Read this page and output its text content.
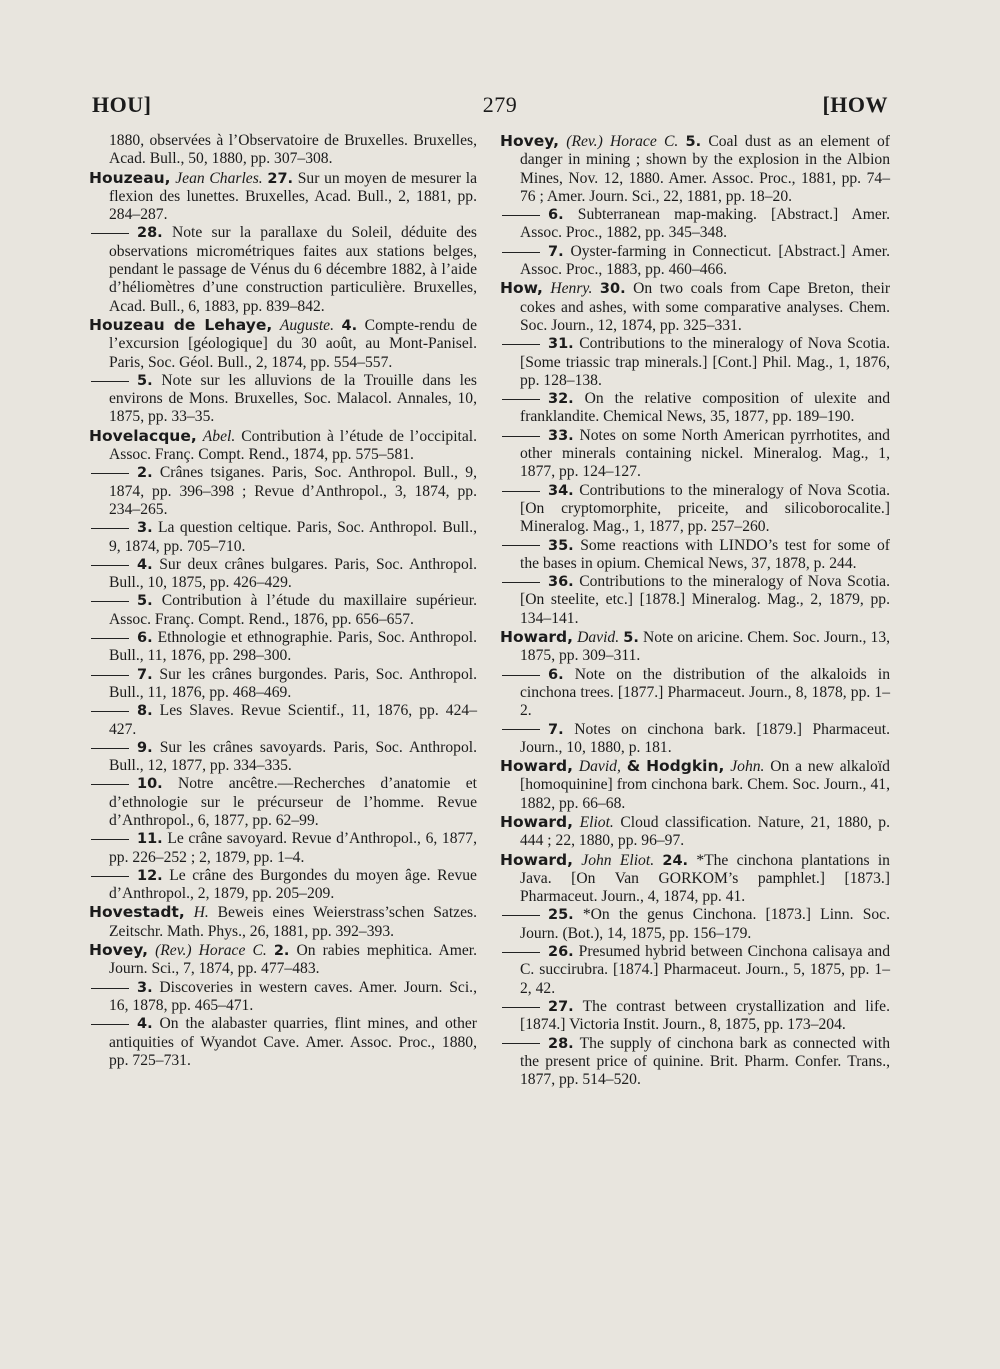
HOU]	279	[HOW

1880, observées à l’Observatoire de Bruxelles. Bruxelles, Acad. Bull., 50, 1880, pp. 307–308.

Houzeau, Jean Charles. 27. Sur un moyen de mesurer la flexion des lunettes. Bruxelles, Acad. Bull., 2, 1881, pp. 284–287.

28. Note sur la parallaxe du Soleil, déduite des observations micrométriques faites aux stations belges, pendant le passage de Vénus du 6 décembre 1882, à l’aide d’héliomètres d’une construction particulière. Bruxelles, Acad. Bull., 6, 1883, pp. 839–842.

Houzeau de Lehaye, Auguste. 4. Compte-rendu de l’excursion [géologique] du 30 août, au Mont-Panisel. Paris, Soc. Géol. Bull., 2, 1874, pp. 554–557.

5. Note sur les alluvions de la Trouille dans les environs de Mons. Bruxelles, Soc. Malacol. Annales, 10, 1875, pp. 33–35.

Hovelacque, Abel. Contribution à l’étude de l’occipital. Assoc. Franç. Compt. Rend., 1874, pp. 575–581.

2. Crânes tsiganes. Paris, Soc. Anthropol. Bull., 9, 1874, pp. 396–398 ; Revue d’Anthropol., 3, 1874, pp. 234–265.

3. La question celtique. Paris, Soc. Anthropol. Bull., 9, 1874, pp. 705–710.

4. Sur deux crânes bulgares. Paris, Soc. Anthropol. Bull., 10, 1875, pp. 426–429.

5. Contribution à l’étude du maxillaire supérieur. Assoc. Franç. Compt. Rend., 1876, pp. 656–657.

6. Ethnologie et ethnographie. Paris, Soc. Anthropol. Bull., 11, 1876, pp. 298–300.

7. Sur les crânes burgondes. Paris, Soc. Anthropol. Bull., 11, 1876, pp. 468–469.

8. Les Slaves. Revue Scientif., 11, 1876, pp. 424–427.

9. Sur les crânes savoyards. Paris, Soc. Anthropol. Bull., 12, 1877, pp. 334–335.

10. Notre ancêtre.—Recherches d’anatomie et d’ethnologie sur le précurseur de l’homme. Revue d’Anthropol., 6, 1877, pp. 62–99.

11. Le crâne savoyard. Revue d’Anthropol., 6, 1877, pp. 226–252 ; 2, 1879, pp. 1–4.

12. Le crâne des Burgondes du moyen âge. Revue d’Anthropol., 2, 1879, pp. 205–209.

Hovestadt, H. Beweis eines Weierstrass’schen Satzes. Zeitschr. Math. Phys., 26, 1881, pp. 392–393.

Hovey, (Rev.) Horace C. 2. On rabies mephitica. Amer. Journ. Sci., 7, 1874, pp. 477–483.

3. Discoveries in western caves. Amer. Journ. Sci., 16, 1878, pp. 465–471.

4. On the alabaster quarries, flint mines, and other antiquities of Wyandot Cave. Amer. Assoc. Proc., 1880, pp. 725–731.

Hovey, (Rev.) Horace C. 5. Coal dust as an element of danger in mining ; shown by the explosion in the Albion Mines, Nov. 12, 1880. Amer. Assoc. Proc., 1881, pp. 74–76 ; Amer. Journ. Sci., 22, 1881, pp. 18–20.

6. Subterranean map-making. [Abstract.] Amer. Assoc. Proc., 1882, pp. 345–348.

7. Oyster-farming in Connecticut. [Abstract.] Amer. Assoc. Proc., 1883, pp. 460–466.

How, Henry. 30. On two coals from Cape Breton, their cokes and ashes, with some comparative analyses. Chem. Soc. Journ., 12, 1874, pp. 325–331.

31. Contributions to the mineralogy of Nova Scotia. [Some triassic trap minerals.] [Cont.] Phil. Mag., 1, 1876, pp. 128–138.

32. On the relative composition of ulexite and franklandite. Chemical News, 35, 1877, pp. 189–190.

33. Notes on some North American pyrrhotites, and other minerals containing nickel. Mineralog. Mag., 1, 1877, pp. 124–127.

34. Contributions to the mineralogy of Nova Scotia. [On cryptomorphite, priceite, and silicoborocalite.] Mineralog. Mag., 1, 1877, pp. 257–260.

35. Some reactions with LINDO’s test for some of the bases in opium. Chemical News, 37, 1878, p. 244.

36. Contributions to the mineralogy of Nova Scotia. [On steelite, etc.] [1878.] Mineralog. Mag., 2, 1879, pp. 134–141.

Howard, David. 5. Note on aricine. Chem. Soc. Journ., 13, 1875, pp. 309–311.

6. Note on the distribution of the alkaloids in cinchona trees. [1877.] Pharmaceut. Journ., 8, 1878, pp. 1–2.

7. Notes on cinchona bark. [1879.] Pharmaceut. Journ., 10, 1880, p. 181.

Howard, David, & Hodgkin, John. On a new alkaloïd [homoquinine] from cinchona bark. Chem. Soc. Journ., 41, 1882, pp. 66–68.

Howard, Eliot. Cloud classification. Nature, 21, 1880, p. 444 ; 22, 1880, pp. 96–97.

Howard, John Eliot. 24. *The cinchona plantations in Java. [On Van GORKOM’s pamphlet.] [1873.] Pharmaceut. Journ., 4, 1874, pp. 41.

25. *On the genus Cinchona. [1873.] Linn. Soc. Journ. (Bot.), 14, 1875, pp. 156–179.

26. Presumed hybrid between Cinchona calisaya and C. succirubra. [1874.] Pharmaceut. Journ., 5, 1875, pp. 1–2, 42.

27. The contrast between crystallization and life. [1874.] Victoria Instit. Journ., 8, 1875, pp. 173–204.

28. The supply of cinchona bark as connected with the present price of quinine. Brit. Pharm. Confer. Trans., 1877, pp. 514–520.
